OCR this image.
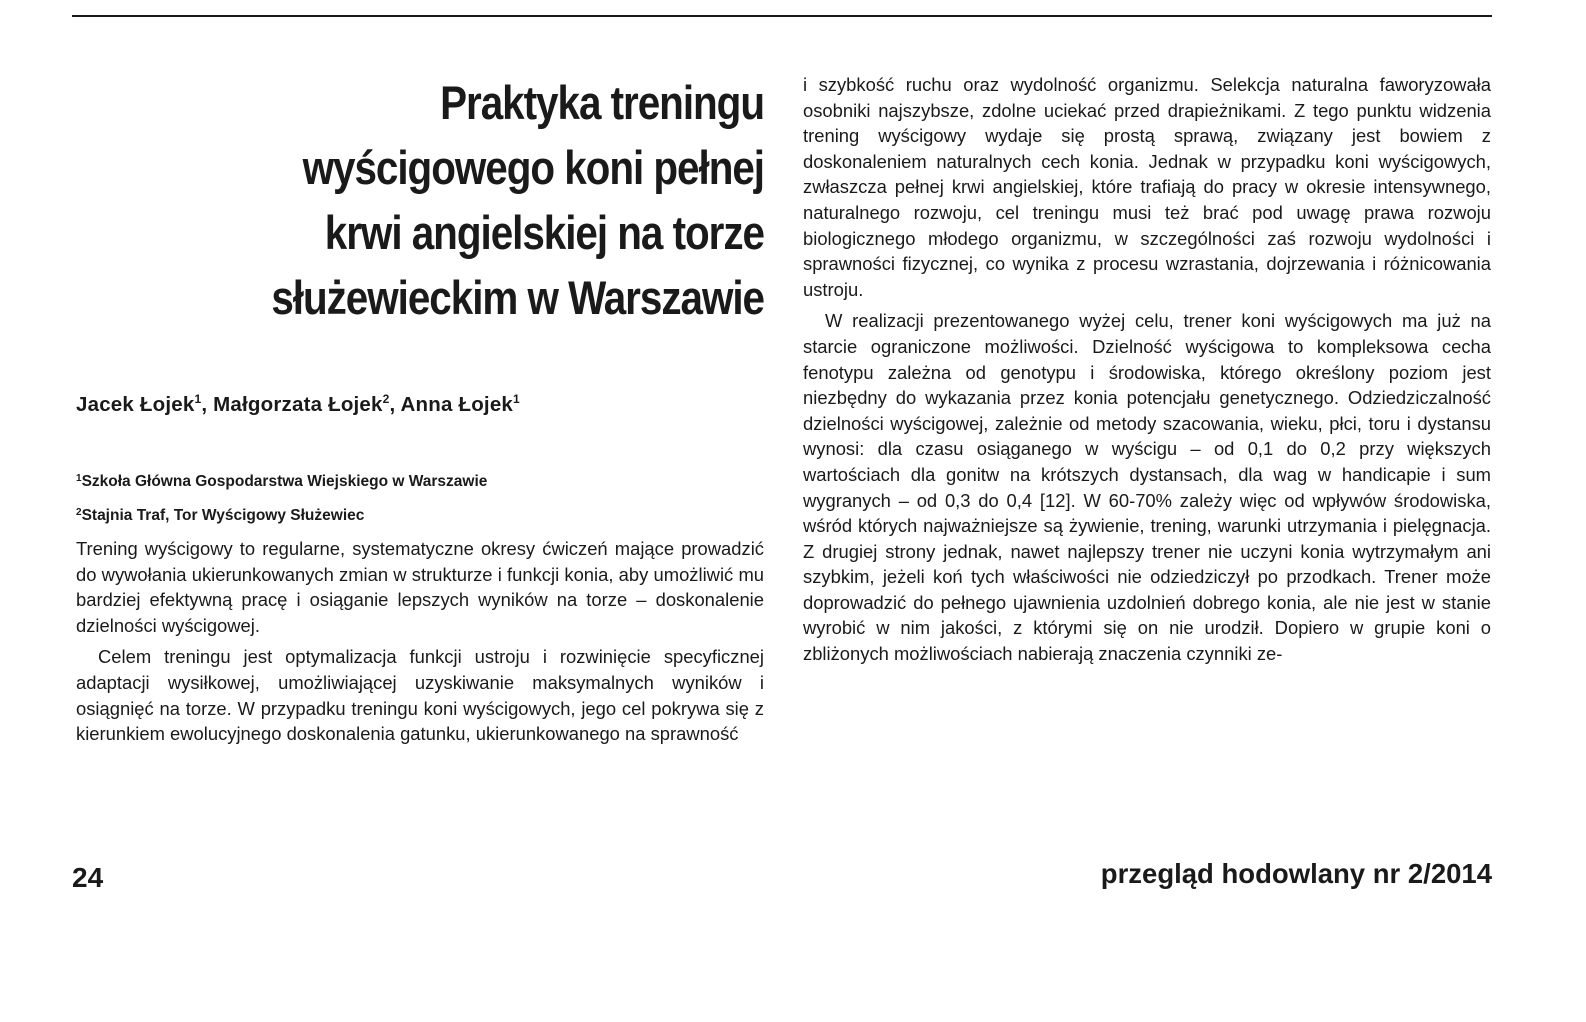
Praktyka treningu
wyścigowego koni pełnej
krwi angielskiej na torze
służewieckim w Warszawie

Jacek Łojek$^1$, Małgorzata Łojek$^2$, Anna Łojek$^1$

$^1$Szkoła Główna Gospodarstwa Wiejskiego w Warszawie
$^2$Stajnia Traf, Tor Wyścigowy Służewiec

Trening wyścigowy to regularne, systematyczne okresy ćwiczeń mające prowadzić do wywołania ukierunkowanych zmian w strukturze i funkcji konia, aby umożliwić mu bardziej efektywną pracę i osiąganie lepszych wyników na torze – doskonalenie dzielności wyścigowej.

Celem treningu jest optymalizacja funkcji ustroju i rozwinięcie specyficznej adaptacji wysiłkowej, umożliwiającej uzyskiwanie maksymalnych wyników i osiągnięć na torze. W przypadku treningu koni wyścigowych, jego cel pokrywa się z kierunkiem ewolucyjnego doskonalenia gatunku, ukierunkowanego na sprawność

i szybkość ruchu oraz wydolność organizmu. Selekcja naturalna faworyzowała osobniki najszybsze, zdolne uciekać przed drapieżnikami. Z tego punktu widzenia trening wyścigowy wydaje się prostą sprawą, związany jest bowiem z doskonaleniem naturalnych cech konia. Jednak w przypadku koni wyścigowych, zwłaszcza pełnej krwi angielskiej, które trafiają do pracy w okresie intensywnego, naturalnego rozwoju, cel treningu musi też brać pod uwagę prawa rozwoju biologicznego młodego organizmu, w szczególności zaś rozwoju wydolności i sprawności fizycznej, co wynika z procesu wzrastania, dojrzewania i różnicowania ustroju.

W realizacji prezentowanego wyżej celu, trener koni wyścigowych ma już na starcie ograniczone możliwości. Dzielność wyścigowa to kompleksowa cecha fenotypu zależna od genotypu i środowiska, którego określony poziom jest niezbędny do wykazania przez konia potencjału genetycznego. Odziedziczalność dzielności wyścigowej, zależnie od metody szacowania, wieku, płci, toru i dystansu wynosi: dla czasu osiąganego w wyścigu – od 0,1 do 0,2 przy większych wartościach dla gonitw na krótszych dystansach, dla wag w handicapie i sum wygranych – od 0,3 do 0,4 [12]. W 60-70% zależy więc od wpływów środowiska, wśród których najważniejsze są żywienie, trening, warunki utrzymania i pielęgnacja. Z drugiej strony jednak, nawet najlepszy trener nie uczyni konia wytrzymałym ani szybkim, jeżeli koń tych właściwości nie odziedziczył po przodkach. Trener może doprowadzić do pełnego ujawnienia uzdolnień dobrego konia, ale nie jest w stanie wyrobić w nim jakości, z którymi się on nie urodził. Dopiero w grupie koni o zbliżonych możliwościach nabierają znaczenia czynniki ze-

24	przegląd hodowlany nr 2/2014
